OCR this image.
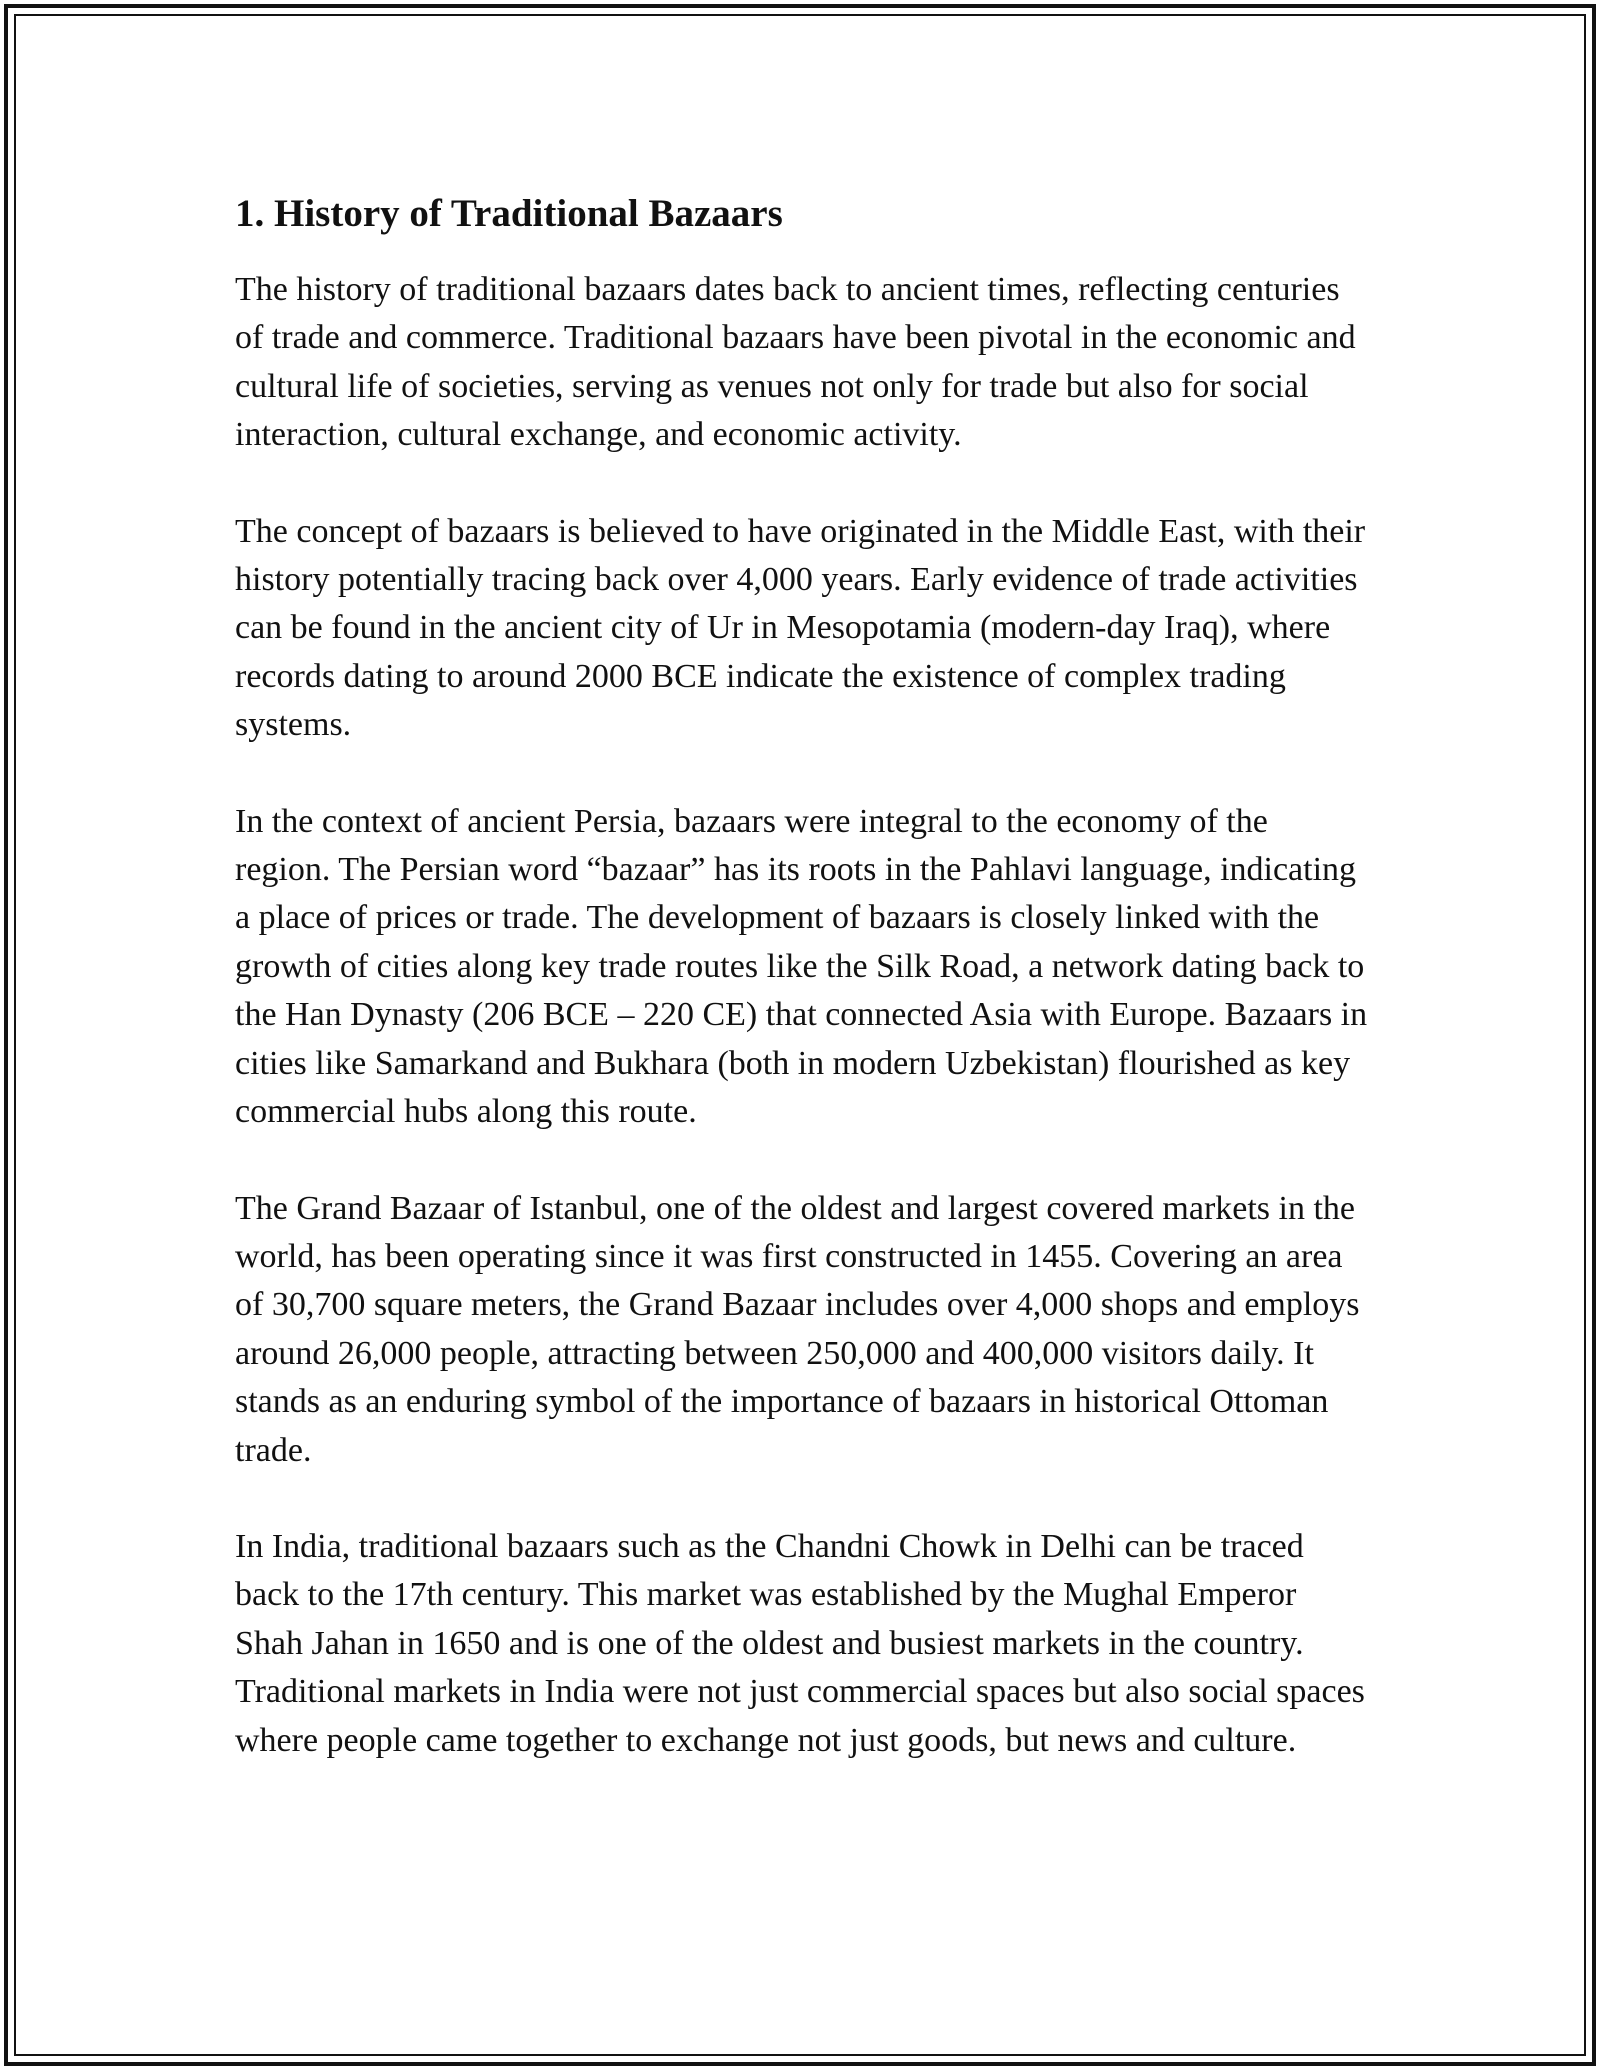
1. History of Traditional Bazaars

The history of traditional bazaars dates back to ancient times, reflecting centuries of trade and commerce. Traditional bazaars have been pivotal in the economic and cultural life of societies, serving as venues not only for trade but also for social interaction, cultural exchange, and economic activity.

The concept of bazaars is believed to have originated in the Middle East, with their history potentially tracing back over 4,000 years. Early evidence of trade activities can be found in the ancient city of Ur in Mesopotamia (modern-day Iraq), where records dating to around 2000 BCE indicate the existence of complex trading systems.

In the context of ancient Persia, bazaars were integral to the economy of the region. The Persian word “bazaar” has its roots in the Pahlavi language, indicating a place of prices or trade. The development of bazaars is closely linked with the growth of cities along key trade routes like the Silk Road, a network dating back to the Han Dynasty (206 BCE – 220 CE) that connected Asia with Europe. Bazaars in cities like Samarkand and Bukhara (both in modern Uzbekistan) flourished as key commercial hubs along this route.

The Grand Bazaar of Istanbul, one of the oldest and largest covered markets in the world, has been operating since it was first constructed in 1455. Covering an area of 30,700 square meters, the Grand Bazaar includes over 4,000 shops and employs around 26,000 people, attracting between 250,000 and 400,000 visitors daily. It stands as an enduring symbol of the importance of bazaars in historical Ottoman trade.

In India, traditional bazaars such as the Chandni Chowk in Delhi can be traced back to the 17th century. This market was established by the Mughal Emperor Shah Jahan in 1650 and is one of the oldest and busiest markets in the country. Traditional markets in India were not just commercial spaces but also social spaces where people came together to exchange not just goods, but news and culture.
